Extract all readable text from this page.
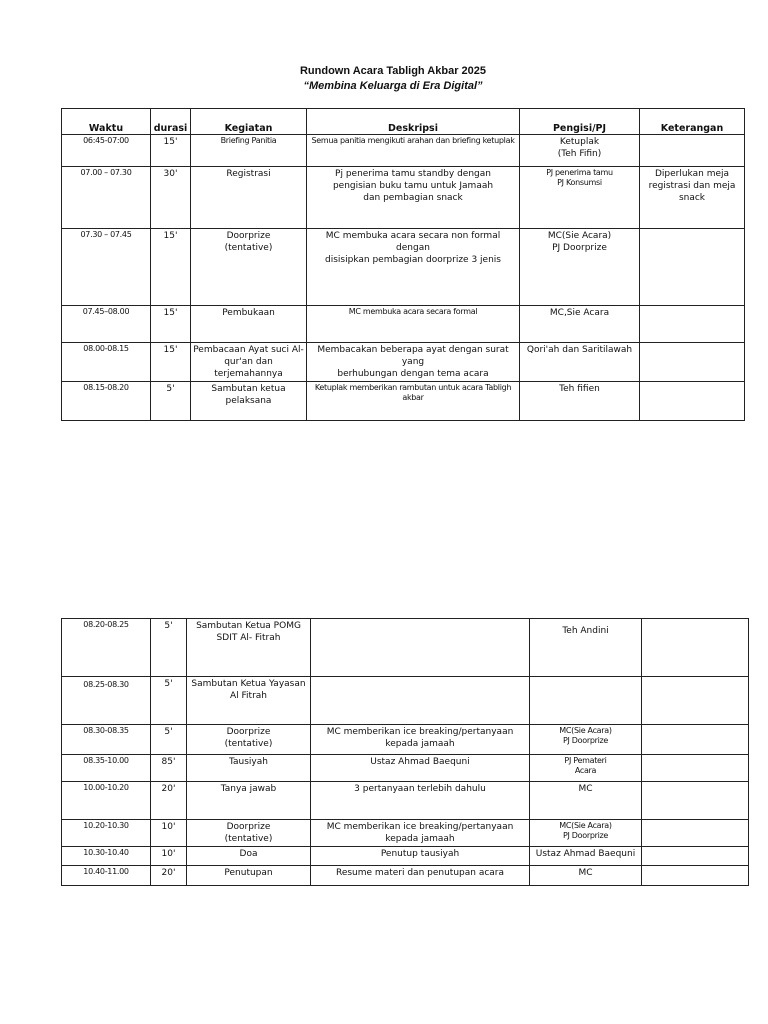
Rundown Acara Tabligh Akbar 2025
“Membina Keluarga di Era Digital”
Waktu	durasi	Kegiatan	Deskripsi	Pengisi/PJ	Keterangan
06:45-07:00	15'	Briefing Panitia	Semua panitia mengikuti arahan dan briefing ketuplak	Ketuplak
(Teh Fifin)	

07.00 – 07.30	30'	Registrasi	Pj penerima tamu standby dengan
pengisian buku tamu untuk Jamaah
dan pembagian snack	PJ penerima tamu
PJ Konsumsi	Diperlukan meja registrasi dan meja snack
07.30 – 07.45	15'	Doorprize
(tentative)	MC membuka acara secara non formal dengan
disisipkan pembagian doorprize 3 jenis	MC(Sie Acara)
PJ Doorprize	

07.45–08.00	15'	Pembukaan	MC membuka acara secara formal	MC,Sie Acara	
08.00-08.15	15'	Pembacaan Ayat suci Al-
qur'an dan terjemahannya	Membacakan beberapa ayat dengan surat yang
berhubungan dengan tema acara	Qori'ah dan Saritilawah	
08.15-08.20	5'	Sambutan ketua pelaksana	Ketuplak memberikan rambutan untuk acara Tabligh
akbar	Teh fifien	
08.20-08.25	5'	Sambutan Ketua POMG
SDIT Al- Fitrah		Teh Andini	
08.25-08.30	5'	Sambutan Ketua Yayasan
Al Fitrah			

08.30-08.35	5'	Doorprize
(tentative)	MC memberikan ice breaking/pertanyaan
kepada jamaah	MC(Sie Acara)
PJ Doorprize	

08.35-10.00	85'	Tausiyah	Ustaz Ahmad Baequni	PJ Pemateri
Acara	

10.00-10.20	20'	Tanya jawab	3 pertanyaan terlebih dahulu	MC	
10.20-10.30	10'	Doorprize
(tentative)	MC memberikan ice breaking/pertanyaan
kepada jamaah	MC(Sie Acara)
PJ Doorprize	

10.30-10.40	10'	Doa	Penutup tausiyah	Ustaz Ahmad Baequni	
10.40-11.00	20'	Penutupan	Resume materi dan penutupan acara	MC	
